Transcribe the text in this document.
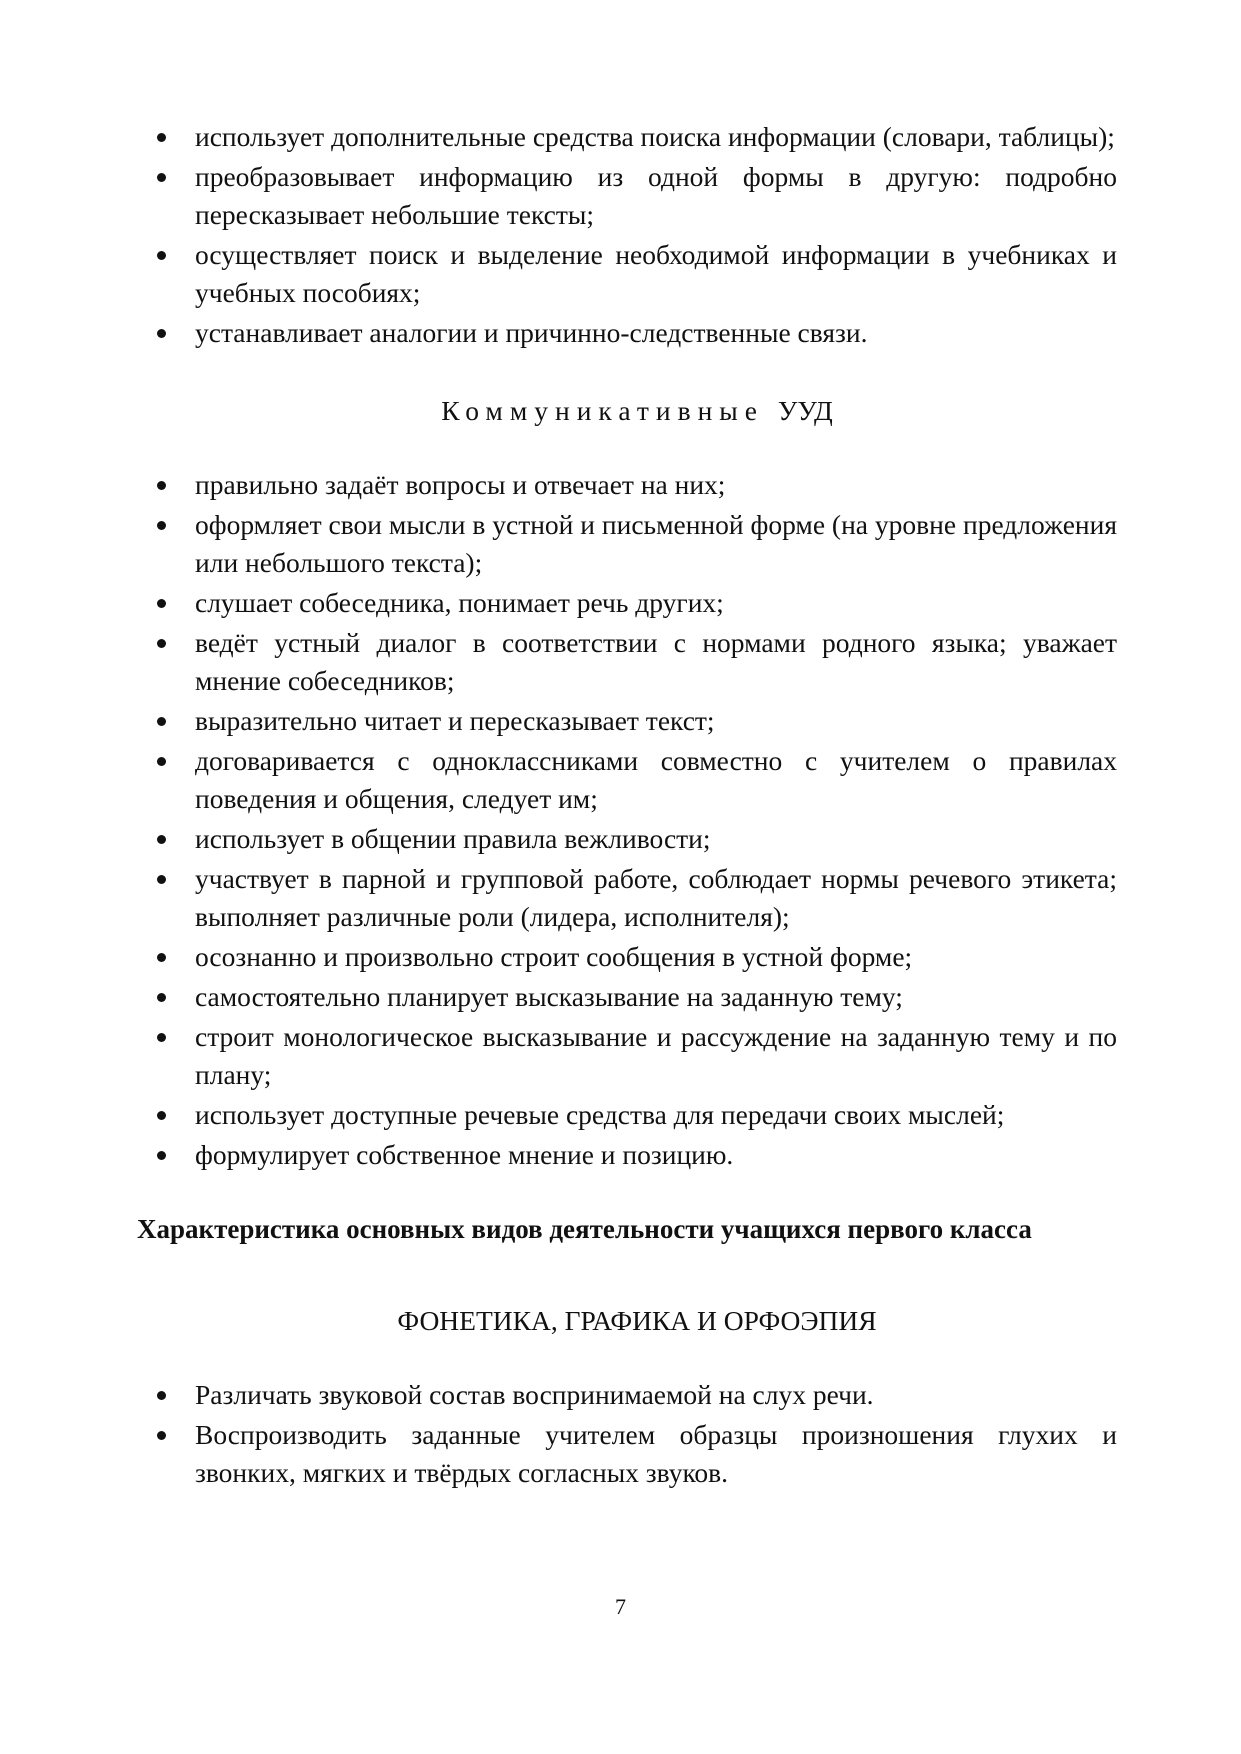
использует дополнительные средства поиска информации (словари, таблицы);
преобразовывает информацию из одной формы в другую: подробно пересказывает небольшие тексты;
осуществляет поиск и выделение необходимой информации в учебниках и учебных пособиях;
устанавливает аналогии и причинно-следственные связи.
Коммуникативные УУД
правильно задаёт вопросы и отвечает на них;
оформляет свои мысли в устной и письменной форме (на уровне предложения или небольшого текста);
слушает собеседника, понимает речь других;
ведёт устный диалог в соответствии с нормами родного языка; уважает мнение собеседников;
выразительно читает и пересказывает текст;
договаривается с одноклассниками совместно с учителем о правилах поведения и общения, следует им;
использует в общении правила вежливости;
участвует в парной и групповой работе, соблюдает нормы речевого этикета; выполняет различные роли (лидера, исполнителя);
осознанно и произвольно строит сообщения в устной форме;
самостоятельно планирует высказывание на заданную тему;
строит монологическое высказывание и рассуждение на заданную тему и по плану;
использует доступные речевые средства для передачи своих мыслей;
формулирует собственное мнение и позицию.
Характеристика основных видов деятельности учащихся первого класса
ФОНЕТИКА, ГРАФИКА И ОРФОЭПИЯ
Различать звуковой состав воспринимаемой на слух речи.
Воспроизводить заданные учителем образцы произношения глухих и звонких, мягких и твёрдых согласных звуков.
7
